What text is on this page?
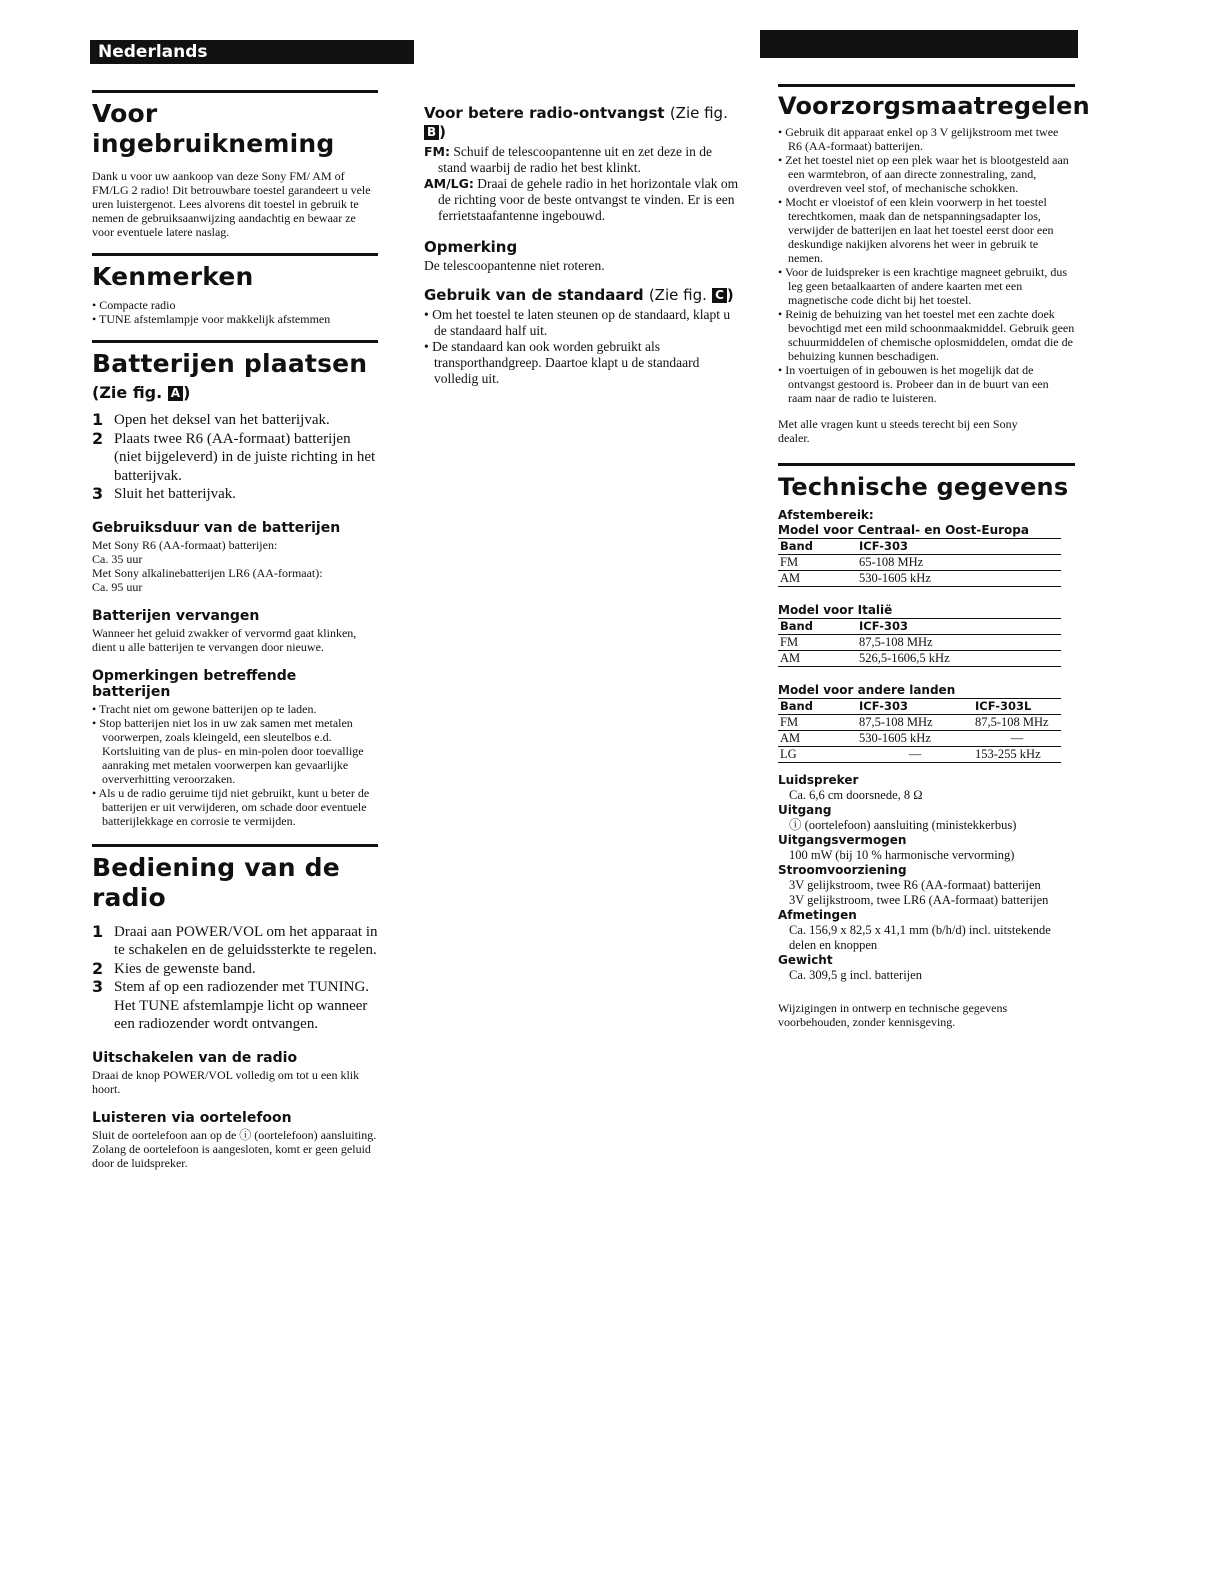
Nederlands
Voor ingebruikneming

Dank u voor uw aankoop van deze Sony FM/ AM of FM/LG 2 radio! Dit betrouwbare toestel garandeert u vele uren luistergenot. Lees alvorens dit toestel in gebruik te nemen de gebruiksaanwijzing aandachtig en bewaar ze voor eventuele latere naslag.

Kenmerken
• Compacte radio
• TUNE afstemlampje voor makkelijk afstemmen
Batterijen plaatsen
(Zie fig. A )
1 Open het deksel van het batterijvak.
2 Plaats twee R6 (AA-formaat) batterijen (niet bijgeleverd) in de juiste richting in het batterijvak.
3 Sluit het batterijvak.
Gebruiksduur van de batterijen

Met Sony R6 (AA-formaat) batterijen:

Ca. 35 uur

Met Sony alkalinebatterijen LR6 (AA-formaat):

Ca. 95 uur

Batterijen vervangen

Wanneer het geluid zwakker of vervormd gaat klinken, dient u alle batterijen te vervangen door nieuwe.

Opmerkingen betreffende batterijen
• Tracht niet om gewone batterijen op te laden.
• Stop batterijen niet los in uw zak samen met metalen voorwerpen, zoals kleingeld, een sleutelbos e.d. Kortsluiting van de plus- en min-polen door toevallige aanraking met metalen voorwerpen kan gevaarlijke oververhitting veroorzaken.
• Als u de radio geruime tijd niet gebruikt, kunt u beter de batterijen er uit verwijderen, om schade door eventuele batterijlekkage en corrosie te vermijden.
Bediening van de radio
1 Draai aan POWER/VOL om het apparaat in te schakelen en de geluidssterkte te regelen.
2 Kies de gewenste band.
3 Stem af op een radiozender met TUNING.

Het TUNE afstemlampje licht op wanneer een radiozender wordt ontvangen.

Uitschakelen van de radio

Draai de knop POWER/VOL volledig om tot u een klik hoort.

Luisteren via oortelefoon

Sluit de oortelefoon aan op de ⓘ (oortelefoon) aansluiting. Zolang de oortelefoon is aangesloten, komt er geen geluid door de luidspreker.

Voor betere radio-ontvangst (Zie fig. B )

FM: Schuif de telescoopantenne uit en zet deze in de stand waarbij de radio het best klinkt.

AM/LG: Draai de gehele radio in het horizontale vlak om de richting voor de beste ontvangst te vinden. Er is een ferrietstaafantenne ingebouwd.

Opmerking

De telescoopantenne niet roteren.

Gebruik van de standaard (Zie fig. C )
• Om het toestel te laten steunen op de standaard, klapt u de standaard half uit.
• De standaard kan ook worden gebruikt als transporthandgreep. Daartoe klapt u de standaard volledig uit.
Voorzorgsmaatregelen
• Gebruik dit apparaat enkel op 3 V gelijkstroom met twee R6 (AA-formaat) batterijen.
• Zet het toestel niet op een plek waar het is blootgesteld aan een warmtebron, of aan directe zonnestraling, zand, overdreven veel stof, of mechanische schokken.
• Mocht er vloeistof of een klein voorwerp in het toestel terechtkomen, maak dan de netspanningsadapter los, verwijder de batterijen en laat het toestel eerst door een deskundige nakijken alvorens het weer in gebruik te nemen.
• Voor de luidspreker is een krachtige magneet gebruikt, dus leg geen betaalkaarten of andere kaarten met een magnetische code dicht bij het toestel.
• Reinig de behuizing van het toestel met een zachte doek bevochtigd met een mild schoonmaakmiddel. Gebruik geen schuurmiddelen of chemische oplosmiddelen, omdat die de behuizing kunnen beschadigen.
• In voertuigen of in gebouwen is het mogelijk dat de ontvangst gestoord is. Probeer dan in de buurt van een raam naar de radio te luisteren.

Met alle vragen kunt u steeds terecht bij een Sony dealer.

Technische gegevens
Afstembereik:
Model voor Centraal- en Oost-Europa
Band	ICF-303
FM	65-108 MHz
AM	530-1605 kHz
Model voor Italië
Band	ICF-303
FM	87,5-108 MHz
AM	526,5-1606,5 kHz
Model voor andere landen
Band	ICF-303	ICF-303L
FM	87,5-108 MHz	87,5-108 MHz
AM	530-1605 kHz	—
LG	—	153-255 kHz
Luidspreker
Ca. 6,6 cm doorsnede, 8 Ω
Uitgang
ⓘ (oortelefoon) aansluiting (ministekkerbus)
Uitgangsvermogen
100 mW (bij 10 % harmonische vervorming)
Stroomvoorziening
3V gelijkstroom, twee R6 (AA-formaat) batterijen
3V gelijkstroom, twee LR6 (AA-formaat) batterijen
Afmetingen
Ca. 156,9 x 82,5 x 41,1 mm (b/h/d) incl. uitstekende delen en knoppen
Gewicht
Ca. 309,5 g incl. batterijen

Wijzigingen in ontwerp en technische gegevens voorbehouden, zonder kennisgeving.
